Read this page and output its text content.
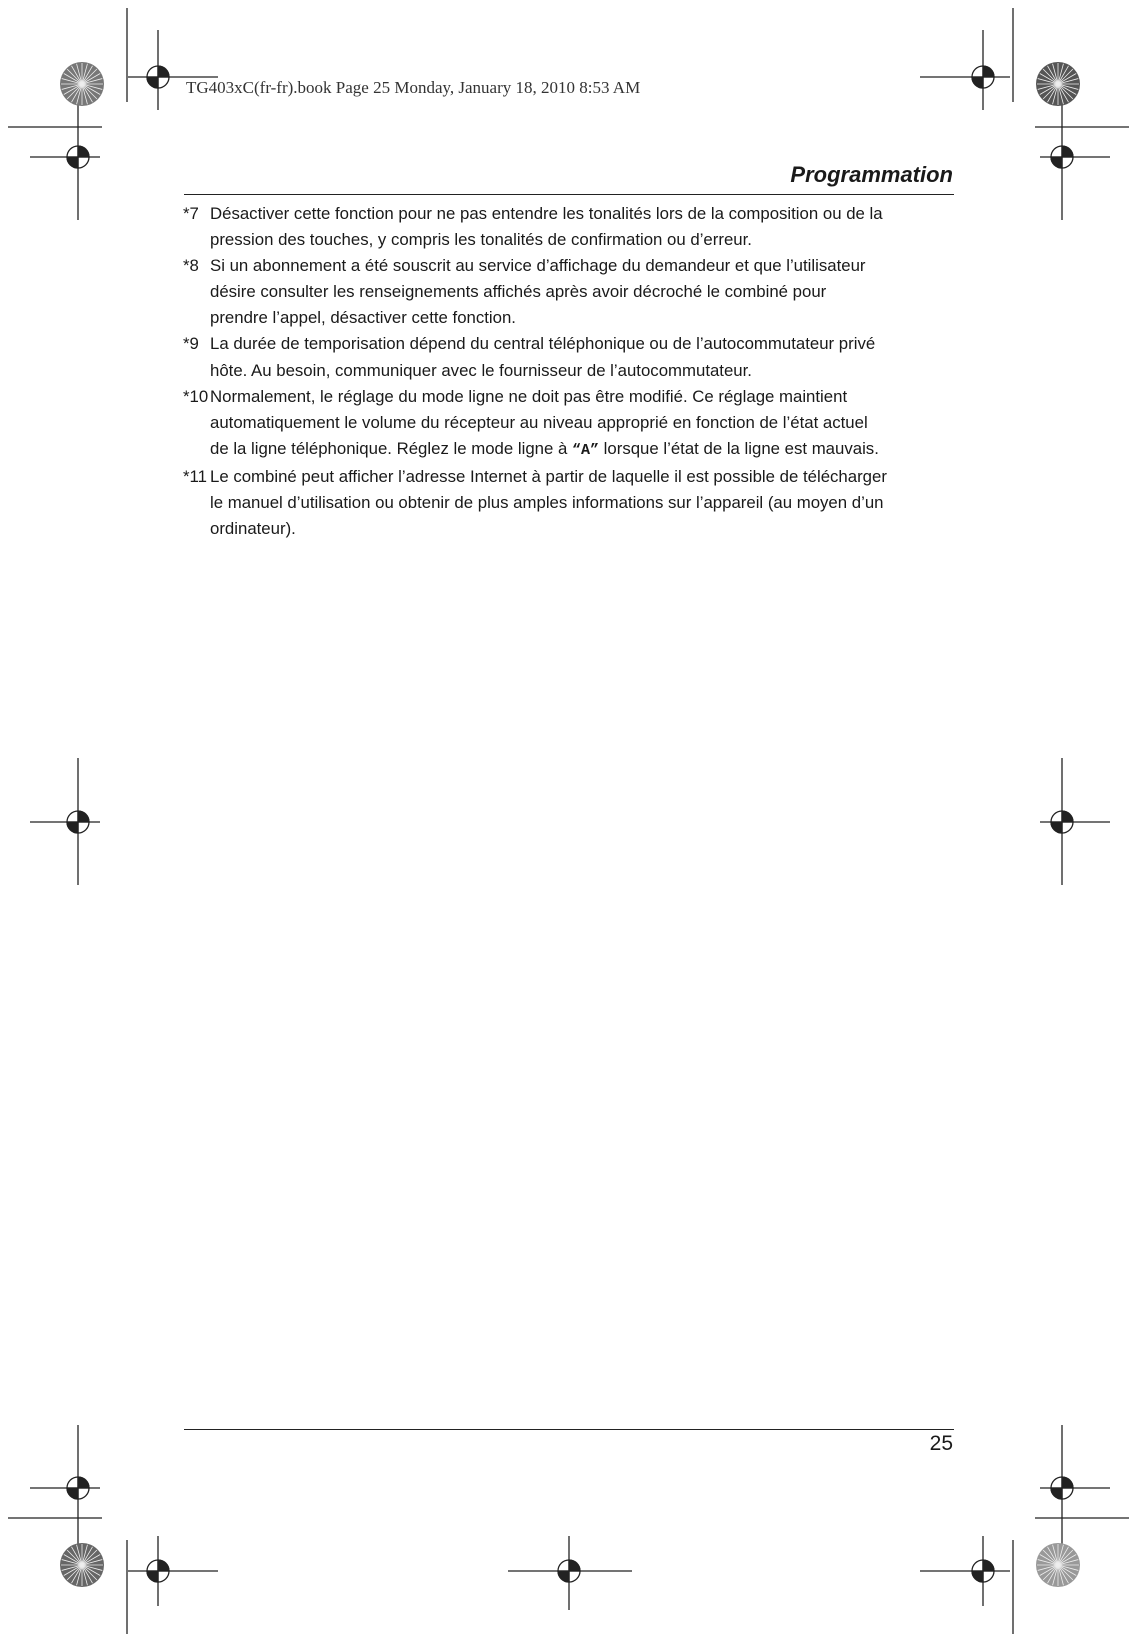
TG403xC(fr-fr).book Page 25 Monday, January 18, 2010 8:53 AM
Programmation
*7 Désactiver cette fonction pour ne pas entendre les tonalités lors de la composition ou de la
pression des touches, y compris les tonalités de confirmation ou d’erreur.
*8 Si un abonnement a été souscrit au service d’affichage du demandeur et que l’utilisateur
désire consulter les renseignements affichés après avoir décroché le combiné pour
prendre l’appel, désactiver cette fonction.
*9 La durée de temporisation dépend du central téléphonique ou de l’autocommutateur privé
hôte. Au besoin, communiquer avec le fournisseur de l’autocommutateur.
*10 Normalement, le réglage du mode ligne ne doit pas être modifié. Ce réglage maintient
automatiquement le volume du récepteur au niveau approprié en fonction de l’état actuel
de la ligne téléphonique. Réglez le mode ligne à “A” lorsque l’état de la ligne est mauvais.
*11 Le combiné peut afficher l’adresse Internet à partir de laquelle il est possible de télécharger
le manuel d’utilisation ou obtenir de plus amples informations sur l’appareil (au moyen d’un
ordinateur).
25
